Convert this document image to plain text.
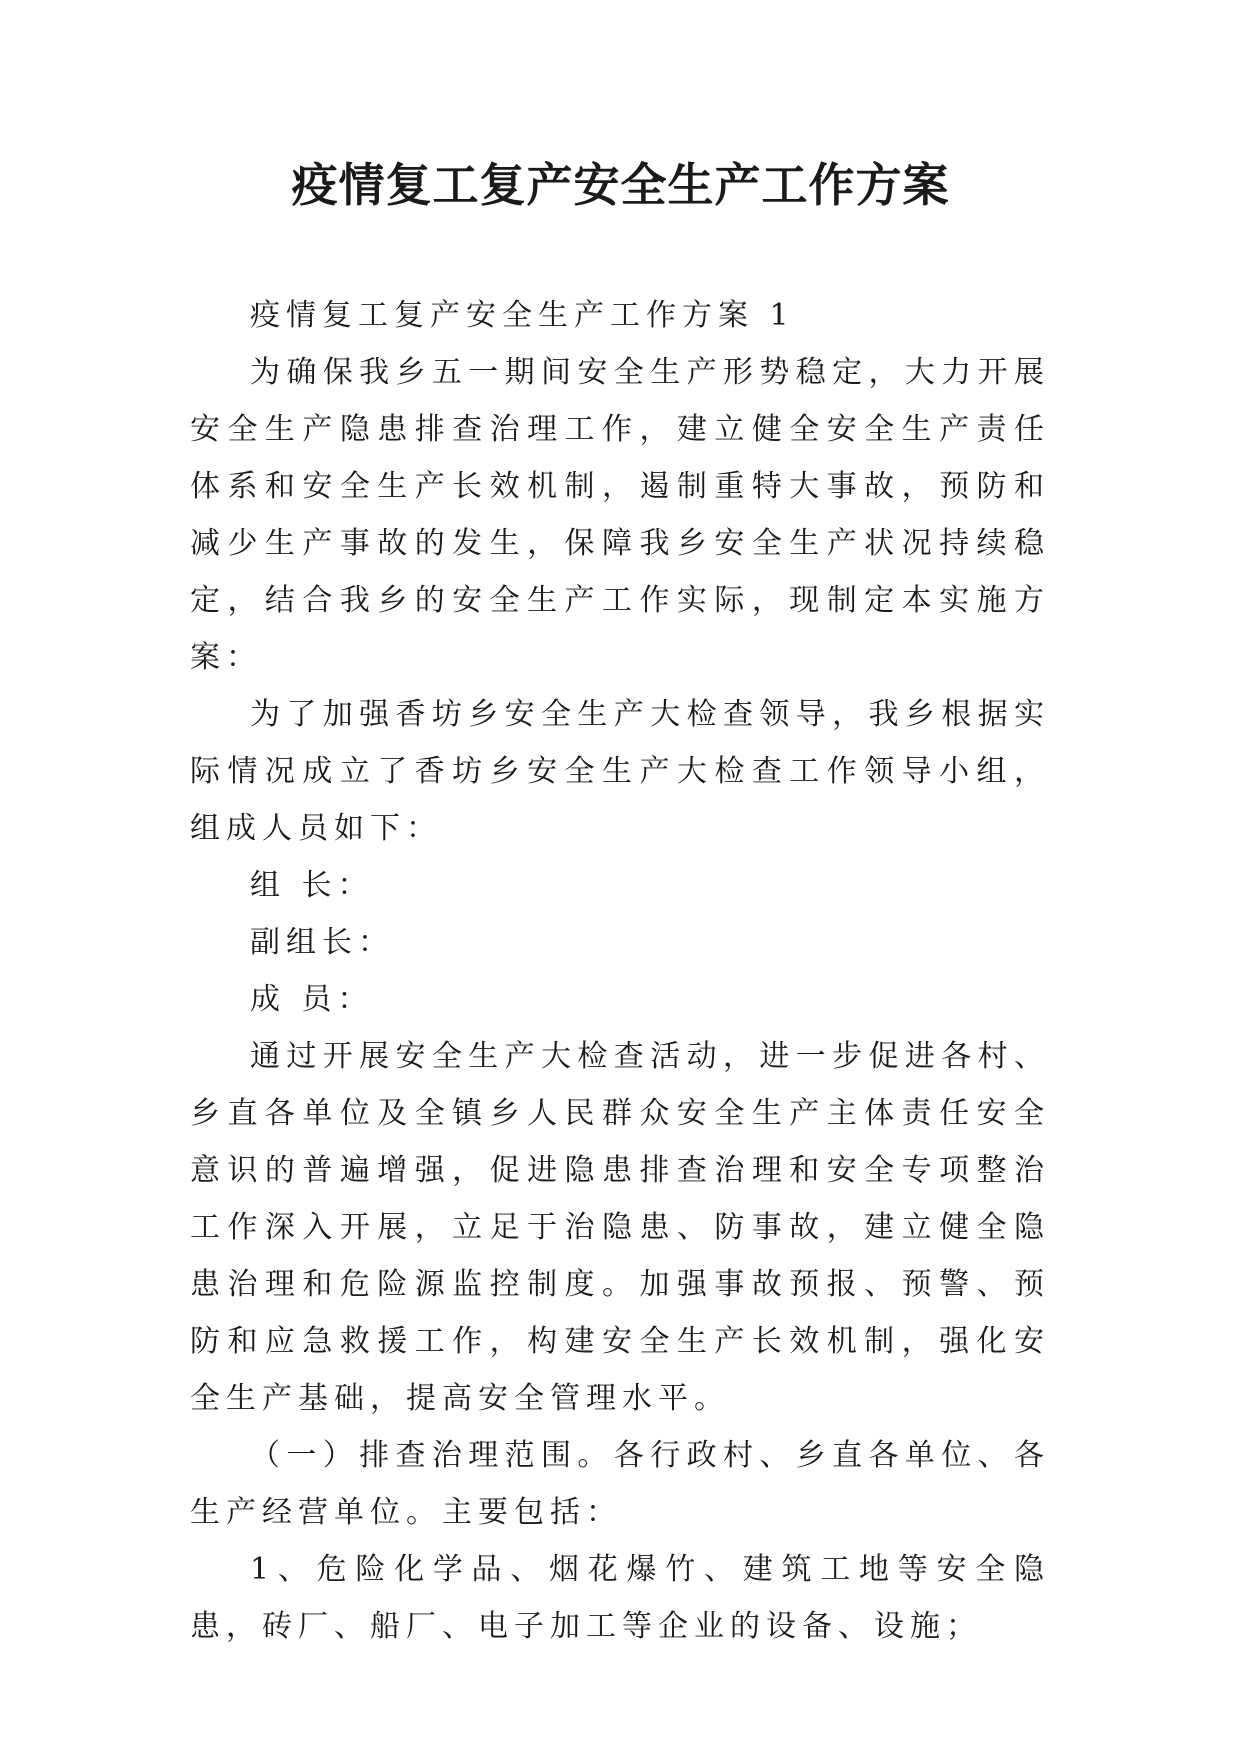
疫情复工复产安全生产工作方案

疫情复工复产安全生产工作方案 1

为确保我乡五一期间安全生产形势稳定，大力开展安全生产隐患排查治理工作，建立健全安全生产责任体系和安全生产长效机制，遏制重特大事故，预防和减少生产事故的发生，保障我乡安全生产状况持续稳定，结合我乡的安全生产工作实际，现制定本实施方案：

为了加强香坊乡安全生产大检查领导，我乡根据实际情况成立了香坊乡安全生产大检查工作领导小组，组成人员如下：

组 长：

副组长：

成 员：

通过开展安全生产大检查活动，进一步促进各村、乡直各单位及全镇乡人民群众安全生产主体责任安全意识的普遍增强，促进隐患排查治理和安全专项整治工作深入开展，立足于治隐患、防事故，建立健全隐患治理和危险源监控制度。加强事故预报、预警、预防和应急救援工作，构建安全生产长效机制，强化安全生产基础，提高安全管理水平。

（一）排查治理范围。各行政村、乡直各单位、各生产经营单位。主要包括：

1、危险化学品、烟花爆竹、建筑工地等安全隐患，砖厂、船厂、电子加工等企业的设备、设施；
